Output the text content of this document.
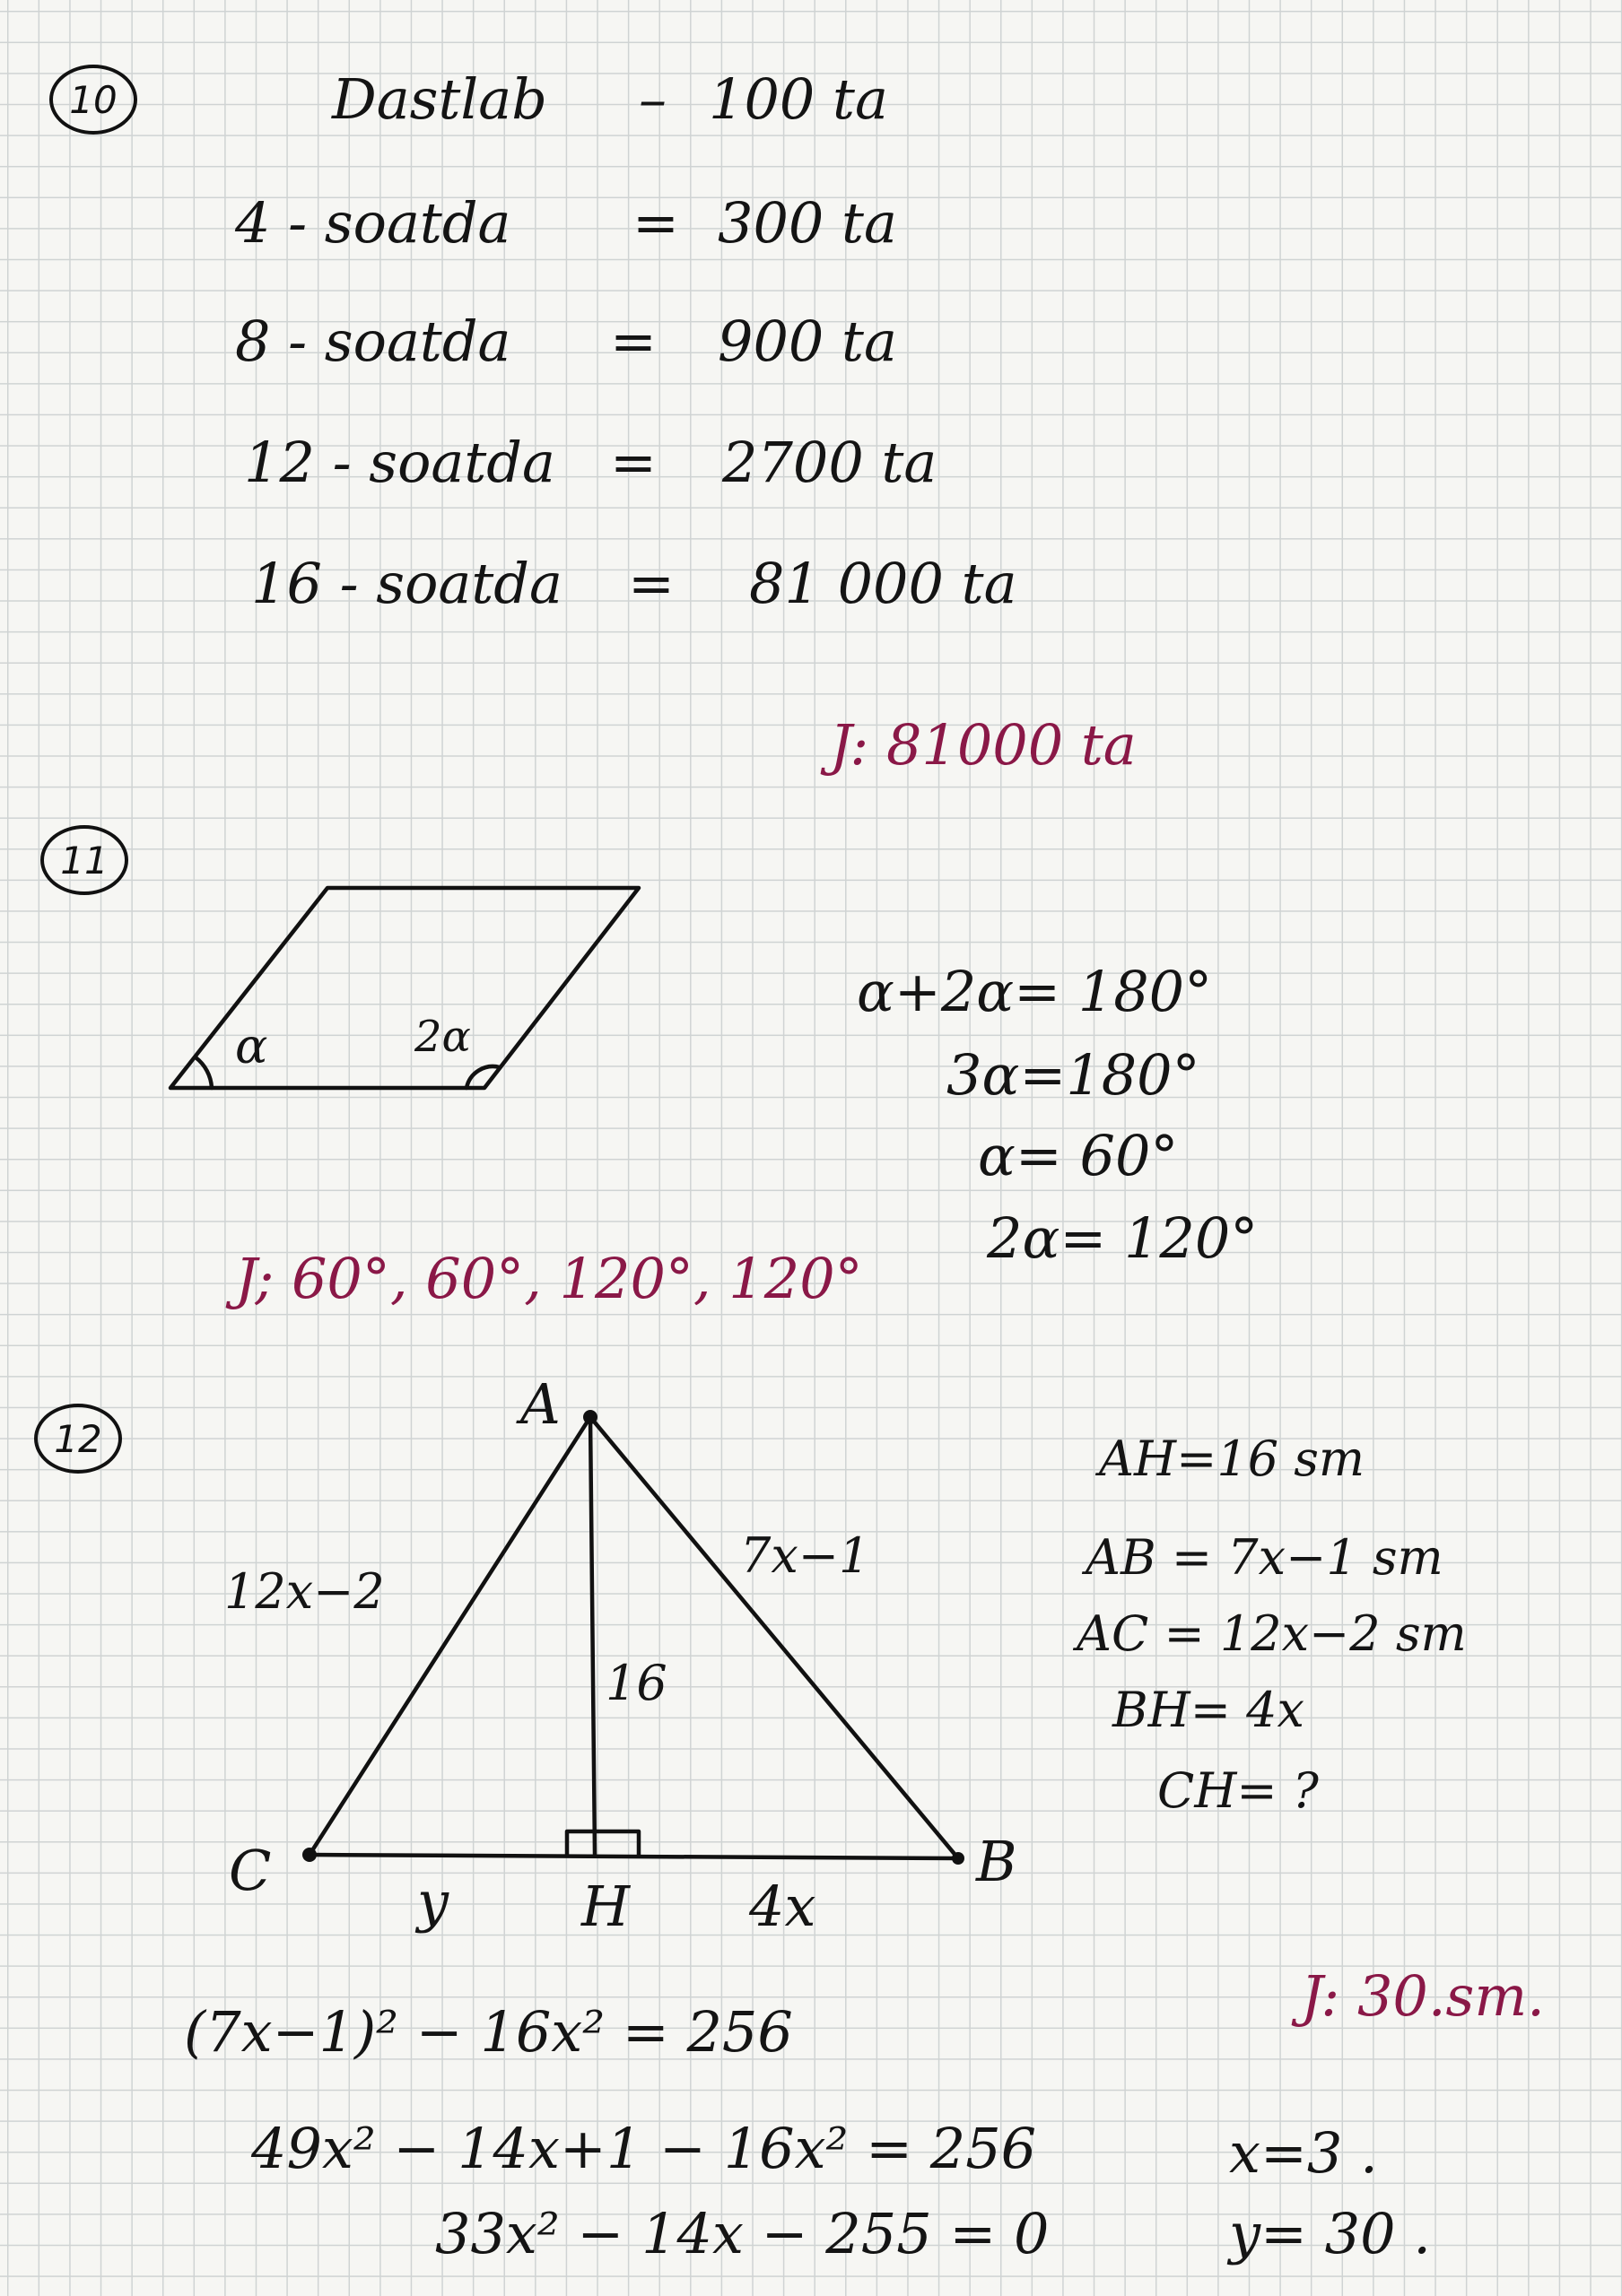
10	Dastlab – 100 ta
4 - soatda = 300 ta
8 - soatda = 900 ta
12 - soatda = 2700 ta
16 - soatda = 81 000 ta
J: 81000 ta
11
α	2α
α+2α= 180°
3α=180°
α= 60°
2α= 120°
J; 60°, 60°, 120°, 120°
12
A
B
C
H
12x−2
7x−1
16
y	4x
AH=16 sm
AB = 7x−1 sm
AC = 12x−2 sm
BH= 4x
CH= ?
J: 30.sm.
(7x−1)² − 16x² = 256
49x² − 14x+1 − 16x² = 256
33x² − 14x − 255 = 0
x=3 .
y= 30 .
